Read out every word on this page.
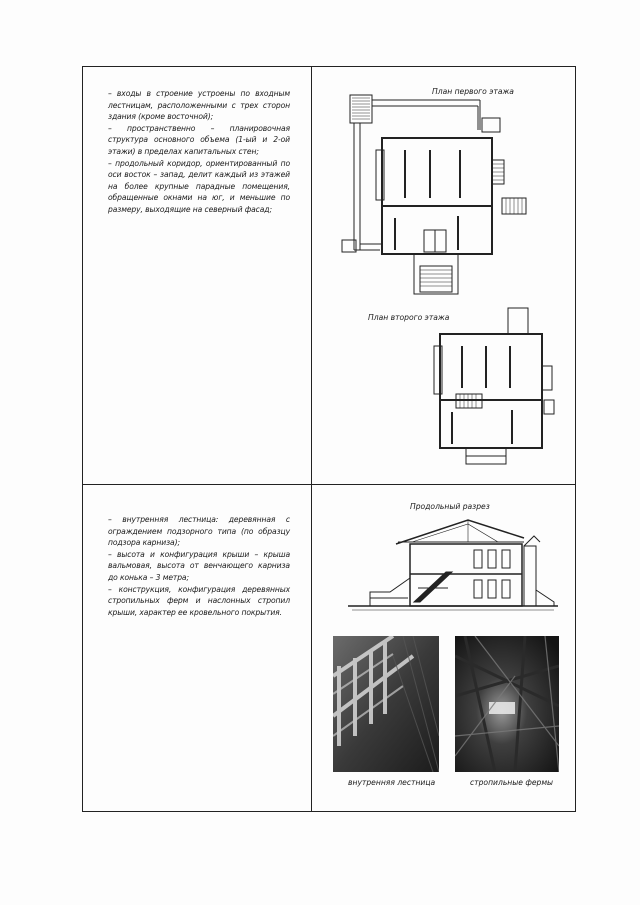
– входы в строение устроены по входным лестницам, расположенными с трех сторон здания (кроме восточной);

– пространственно – планировочная структура основного объема (1-ый и 2-ой этажи) в пределах капитальных стен;

– продольный коридор, ориентированный по оси восток – запад, делит каждый из этажей на более крупные парадные помещения, обращенные окнами на юг, и меньшие по размеру, выходящие на северный фасад;

– внутренняя лестница: деревянная с ограждением подзорного типа (по образцу подзора карниза);

– высота и конфигурация крыши – крыша вальмовая, высота от венчающего карниза до конька – 3 метра;

– конструкция, конфигурация деревянных стропильных ферм и наслонных стропил крыши, характер ее кровельного покрытия.

План первого этажа
План второго этажа
Продольный разрез
внутренняя лестница	стропильные фермы
